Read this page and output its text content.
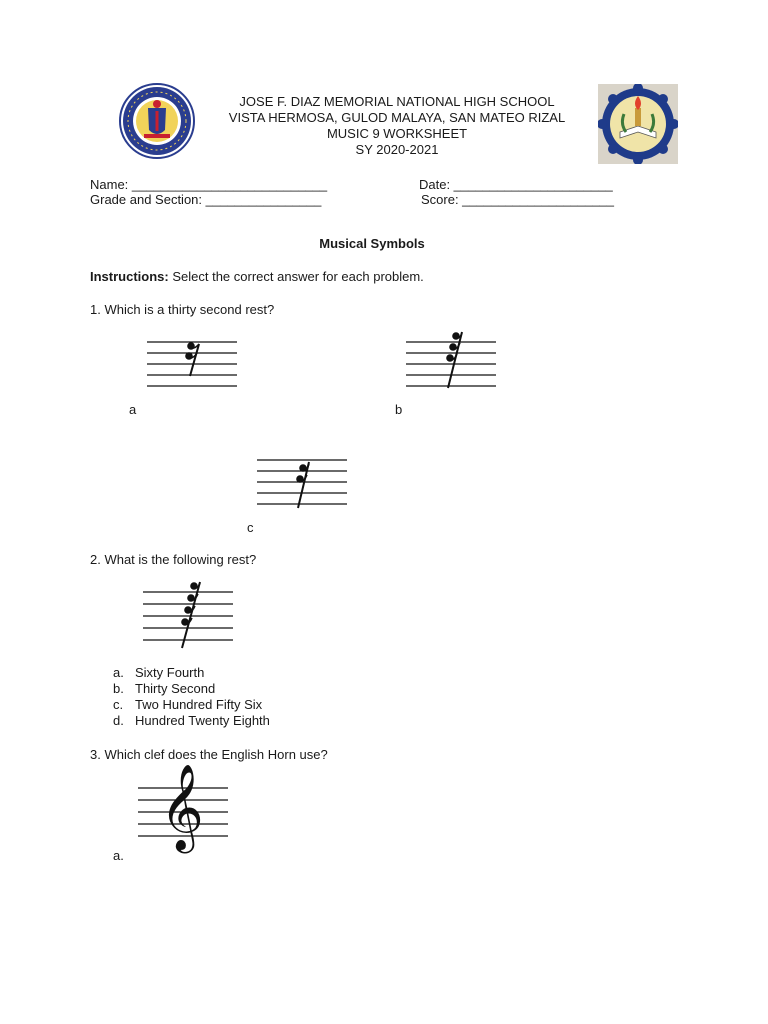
JOSE F. DIAZ MEMORIAL NATIONAL HIGH SCHOOL
VISTA HERMOSA, GULOD MALAYA, SAN MATEO RIZAL
MUSIC 9 WORKSHEET
SY 2020-2021
Name: ___________________________	Date: ______________________
Grade and Section: ________________	Score: _____________________
Musical Symbols
Instructions: Select the correct answer for each problem.
1. Which is a thirty second rest?
a	b
c
2. What is the following rest?
a. Sixty Fourth
b. Thirty Second
c. Two Hundred Fifty Six
d. Hundred Twenty Eighth
3. Which clef does the English Horn use?
𝄞
a.
